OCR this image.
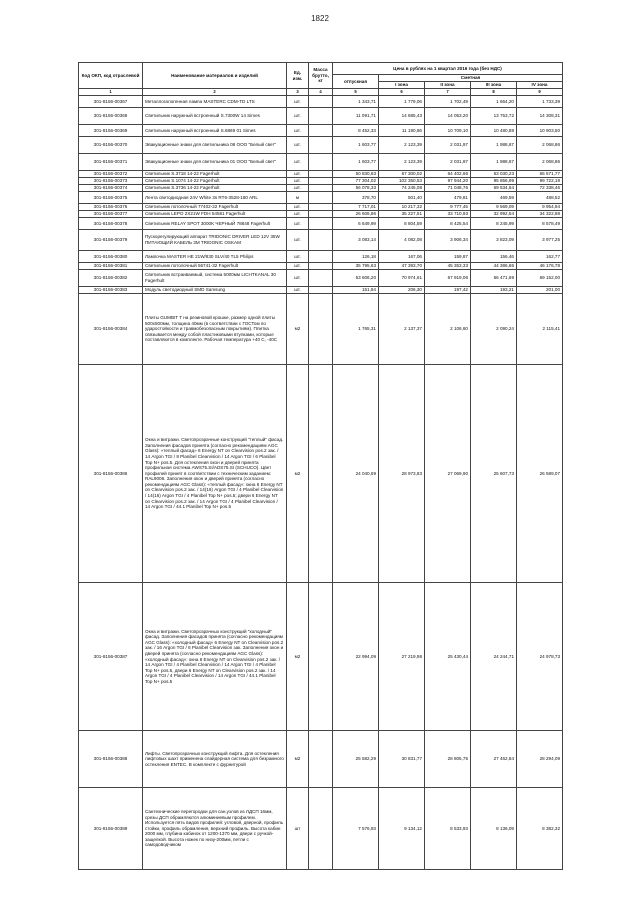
1822
Код ОКП, код отраслевой	Наименование материалов и изделий	Ед. изм.	Масса брутто, кг	Цена в рублях на 1 квартал 2016 года (без НДС)				
				отпускная	Сметная			
					I зона	II зона	III зона	IV зона
1	2	3	4	5	6	7	8	9
301-8156-00367	Металлогалогенная лампа MASTERC CDM-TD LTS	шт.		1 343,71	1 779,06	1 702,49	1 664,20	1 733,39
301-8156-00368	Светильник наружный встроенный S.7300W 14 Simes	шт.		11 091,71	14 685,43	14 053,20	13 753,72	14 308,31
301-8156-00369	Светильник наружный встроенный S.6869 01 Simes	шт.		8 452,33	11 190,86	10 709,10	10 480,88	10 903,50
301-8156-00370	Эвакуационные знаки для светильника 08 ООО "Белый свет"	шт.		1 603,77	2 123,39	2 031,97	1 988,67	2 068,86
301-8156-00371	Эвакуационные знаки для светильника 01 ООО "Белый свет"	шт.		1 603,77	2 123,39	2 031,97	1 988,67	2 068,86
301-8156-00372	Светильник S.3718 14-22 Fagerhult	шт.		50 830,63	67 300,02	64 402,66	63 030,23	65 571,77
301-8156-00373	Светильник S.1074 14-22 Fagerhult	шт.		77 304,02	102 350,53	97 944,20	95 856,99	99 722,19
301-8156-00374	Светильник S.3736 14-22 Fagerhult	шт.		56 078,33	74 245,08	71 048,76	69 534,64	72 338,46
301-8156-00375	Лента светодиодная 24V White 3s RT6-3528-180 ARL	м		378,70	501,40	479,81	469,59	488,52
301-8156-00376	Светильник потолочный 77402-22 Fagerhult	шт.		7 717,01	10 217,32	9 777,45	9 569,09	9 954,94
301-8156-00377	Светильник LEPO 2X21W FDH 54581 Fagerhult	шт.		26 606,86	35 227,51	33 710,93	32 992,54	34 322,88
301-8156-00378	Светильник RELAY SPOT 3000K ЧЕРНЫЙ 78848 Fagerhult	шт.		6 649,99	8 804,59	8 425,54	8 245,99	8 578,49
301-8156-00379	Пускорегулирующий аппарат TRIDONIC DRIVER LED 12V 35W ПИТАЮЩИЙ КАБЕЛЬ 3M TRIDONIC OSKAM	шт.		3 083,14	4 082,08	3 906,34	3 823,09	3 977,25
301-8156-00380	Лампочка MASTER HE 21W/830 SLV/40 TL5 Philips	шт.		126,18	167,06	159,87	156,46	162,77
301-8156-00381	Светильник потолочный 56741-32 Fagerhult	шт.		35 795,63	47 393,70	45 353,33	44 386,86	46 176,78
301-8156-00382	Светильник встраиваемый, система 5000мм LICHTKANAL 30 Fagerhult	шт.		53 606,20	70 974,61	67 919,06	66 471,69	69 152,00
301-8156-00383	Модуль светодиодный SMD Samsung	шт.		151,84	206,30	197,42	193,21	201,00
301-8156-00384	Плиты GUMBIT T на резиновой крошке, размер одной плиты 500х500мм, толщина 40мм (в соответствии с ГОСТом по ударостойкости и травмобезопасным покрытиям). Плитка связывается между собой пластиковыми втулками, которые поставляются в комплекте. Рабочая температура +40 С, -40С	м2		1 765,31	2 137,37	2 106,60	2 090,24	2 115,41
301-8156-00386	Окна и витражи. Светопрозрачные конструкций "теплый" фасад. Заполнения фасадов принята (согласно рекомендациям AGC Glass): «теплый фасад» 6 Energy NT on Clearvision pos.2 зак. / 14 Argon TGI / 8 Planibel Clearvision / 14 Argon TGI / 6 Planibel Top N+ pos.5. Для остекления окон и дверей принята профильная система AWS75.SI/ADS75.SI (SCHUCO). Цвет профилей принят в соответствии с техническим заданием: RAL9006. Заполнения окон и дверей принята (согласно рекомендациям AGC Glass): «теплый фасад»: окна 6 Energy NT on Clearvision pos.2 зак. / 14(16) Argon TGI / 4 Planibel Clearvision / 14(16) Argon TGI / 4 Planibel Top N+ pos.5; двери 6 Energy NT on Clearvision pos.2 зак. / 14 Argon TGI / 4 Planibel Clearvision / 14 Argon TGI / 44.1 Planibel Top N+ pos.5	м2		24 040,69	28 973,83	27 069,90	25 607,73	26 589,07
301-8156-00387	Окна и витражи. Светопрозрачных конструкций "холодный" фасад. Заполнения фасадов принята (согласно рекомендациям AGC Glass): «холодный фасад» 6 Energy NT on Clearvision pos.2 зак. / 16 Argon TGI / 6 Planibel Clearvision зак. Заполнения окон и дверей принята (согласно рекомендациям AGC Glass): «холодный фасад»: окна 6 Energy NT on Clearvision pos.2 зак. / 14 Argon TGI / 4 Planibel Clearvision / 14 Argon TGI / 4 Planibel Top N+ pos.5, двери 6 Energy NT on Clearvision pos.2 зак. / 14 Argon TGI / 4 Planibel Clearvision / 14 Argon TGI / 44.1 Planibel Top N+ pos.5	м2		22 994,09	27 219,98	25 430,44	24 244,71	24 978,73
301-8156-00388	Лифты. Светопрозрачных конструкций лифта. Для остекления лифтовых шахт применена слайдерная система для безрамного остекления ENTEC. В комплекте с фурнитурой	м2		25 582,29	30 831,77	28 805,75	27 462,84	28 294,09
301-8156-00389	Сантехнические перегородки для сан.узлов из ЛДСП 16мм, срезы ДСП обрамляются алюминиевым профилем. Используется пять видов профилей: угловой, дверной, профиль стойки, профиль обрамления, верхний профиль. Высота кабин 2000 мм, глубина кабинок от 1200-1370 мм, двери с ручкой-защелкой. Высота ножек по низу-200мм, петли с самодоводчиком	шт		7 576,93	9 134,12	8 533,93	8 136,09	8 382,32
